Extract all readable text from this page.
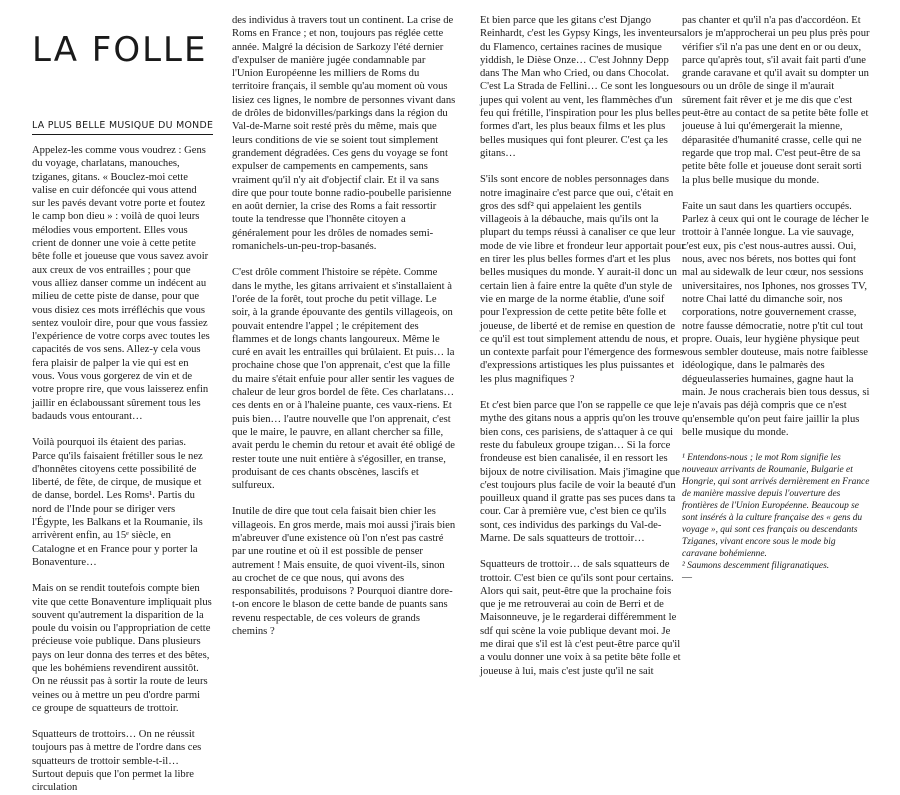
LA FOLLE
LA PLUS BELLE MUSIQUE DU MONDE

Appelez-les comme vous voudrez : Gens du voyage, charlatans, manouches, tziganes, gitans. « Bouclez-moi cette valise en cuir défoncée qui vous attend sur les pavés devant votre porte et foutez le camp bon dieu » : voilà de quoi leurs mélodies vous emportent. Elles vous crient de donner une voie à cette petite bête folle et joueuse que vous savez avoir aux creux de vos entrailles ; pour que vous alliez danser comme un indécent au milieu de cette piste de danse, pour que vous disiez ces mots irréfléchis que vous sentez vouloir dire, pour que vous fassiez l'expérience de votre corps avec toutes les capacités de vos sens. Allez-y cela vous fera plaisir de palper la vie qui est en vous. Vous vous gorgerez de vin et de votre propre rire, que vous laisserez enfin jaillir en éclaboussant sûrement tous les badauds vous entourant…

Voilà pourquoi ils étaient des parias. Parce qu'ils faisaient frétiller sous le nez d'honnêtes citoyens cette possibilité de liberté, de fête, de cirque, de musique et de danse, bordel. Les Roms¹. Partis du nord de l'Inde pour se diriger vers l'Égypte, les Balkans et la Roumanie, ils arrivèrent enfin, au 15ᵉ siècle, en Catalogne et en France pour y porter la Bonaventure…

Mais on se rendit toutefois compte bien vite que cette Bonaventure impliquait plus souvent qu'autrement la disparition de la poule du voisin ou l'appropriation de cette précieuse voie publique. Dans plusieurs pays on leur donna des terres et des bêtes, que les bohémiens revendirent aussitôt. On ne réussit pas à sortir la route de leurs veines ou à mettre un peu d'ordre parmi ce groupe de squatteurs de trottoir.

Squatteurs de trottoirs… On ne réussit toujours pas à mettre de l'ordre dans ces squatteurs de trottoir semble-t-il… Surtout depuis que l'on permet la libre circulation

des individus à travers tout un continent. La crise de Roms en France ; et non, toujours pas réglée cette année. Malgré la décision de Sarkozy l'été dernier d'expulser de manière jugée condamnable par l'Union Européenne les milliers de Roms du territoire français, il semble qu'au moment où vous lisiez ces lignes, le nombre de personnes vivant dans de drôles de bidonvilles/parkings dans la région du Val-de-Marne soit resté près du même, mais que leurs conditions de vie se soient tout simplement grandement dégradées. Ces gens du voyage se font expulser de campements en campements, sans vraiment qu'il n'y ait d'objectif clair. Et il va sans dire que pour toute bonne radio-poubelle parisienne en août dernier, la crise des Roms a fait ressortir toute la tendresse que l'honnête citoyen a généralement pour les drôles de nomades semi-romanichels-un-peu-trop-basanés.

C'est drôle comment l'histoire se répète. Comme dans le mythe, les gitans arrivaient et s'installaient à l'orée de la forêt, tout proche du petit village. Le soir, à la grande épouvante des gentils villageois, on pouvait entendre l'appel ; le crépitement des flammes et de longs chants langoureux. Même le curé en avait les entrailles qui brûlaient. Et puis… la prochaine chose que l'on apprenait, c'est que la fille du maire s'était enfuie pour aller sentir les vagues de chaleur de leur gros bordel de fête. Ces charlatans… ces dents en or à l'haleine puante, ces vaux-riens. Et puis bien… l'autre nouvelle que l'on apprenait, c'est que le maire, le pauvre, en allant chercher sa fille, avait perdu le chemin du retour et avait été obligé de rester toute une nuit entière à s'égosiller, en transe, produisant de ces chants obscènes, lascifs et sulfureux.

Inutile de dire que tout cela faisait bien chier les villageois. En gros merde, mais moi aussi j'irais bien m'abreuver d'une existence où l'on n'est pas castré par une routine et où il est possible de penser autrement ! Mais ensuite, de quoi vivent-ils, sinon au crochet de ce que nous, qui avons des responsabilités, produisons ? Pourquoi diantre dore-t-on encore le blason de cette bande de puants sans revenu respectable, de ces voleurs de grands chemins ?

Et bien parce que les gitans c'est Django Reinhardt, c'est les Gypsy Kings, les inventeurs du Flamenco, certaines racines de musique yiddish, le Dièse Onze… C'est Johnny Depp dans The Man who Cried, ou dans Chocolat. C'est La Strada de Fellini… Ce sont les longues jupes qui volent au vent, les flammèches d'un feu qui frétille, l'inspiration pour les plus belles formes d'art, les plus beaux films et les plus belles musiques qui font pleurer. C'est ça les gitans…

S'ils sont encore de nobles personnages dans notre imaginaire c'est parce que oui, c'était en gros des sdf² qui appelaient les gentils villageois à la débauche, mais qu'ils ont la plupart du temps réussi à canaliser ce que leur mode de vie libre et frondeur leur apportait pour en tirer les plus belles formes d'art et les plus belles musiques du monde. Y aurait-il donc un certain lien à faire entre la quête d'un style de vie en marge de la norme établie, d'une soif pour l'expression de cette petite bête folle et joueuse, de liberté et de remise en question de ce qu'il est tout simplement attendu de nous, et un contexte parfait pour l'émergence des formes d'expressions artistiques les plus puissantes et les plus magnifiques ?

Et c'est bien parce que l'on se rappelle ce que le mythe des gitans nous a appris qu'on les trouve bien cons, ces parisiens, de s'attaquer à ce qui reste du fabuleux groupe tzigan… Si la force frondeuse est bien canalisée, il en ressort les bijoux de notre civilisation. Mais j'imagine que c'est toujours plus facile de voir la beauté d'un pouilleux quand il gratte pas ses puces dans ta cour. Car à première vue, c'est bien ce qu'ils sont, ces individus des parkings du Val-de-Marne. De sals squatteurs de trottoir…

Squatteurs de trottoir… de sals squatteurs de trottoir. C'est bien ce qu'ils sont pour certains. Alors qui sait, peut-être que la prochaine fois que je me retrouverai au coin de Berri et de Maisonneuve, je le regarderai différemment le sdf qui scène la voie publique devant moi. Je me dirai que s'il est là c'est peut-être parce qu'il a voulu donner une voix à sa petite bête folle et joueuse à lui, mais c'est juste qu'il ne sait

pas chanter et qu'il n'a pas d'accordéon. Et alors je m'approcherai un peu plus près pour vérifier s'il n'a pas une dent en or ou deux, parce qu'après tout, s'il avait fait parti d'une grande caravane et qu'il avait su dompter un ours ou un drôle de singe il m'aurait sûrement fait rêver et je me dis que c'est peut-être au contact de sa petite bête folle et joueuse à lui qu'émergerait la mienne, déparasitée d'humanité crasse, celle qui ne regarde que trop mal. C'est peut-être de sa petite bête folle et joueuse dont serait sorti la plus belle musique du monde.

Faite un saut dans les quartiers occupés. Parlez à ceux qui ont le courage de lécher le trottoir à l'année longue. La vie sauvage, c'est eux, pis c'est nous-autres aussi. Oui, nous, avec nos bérets, nos bottes qui font mal au sidewalk de leur cœur, nos sessions universitaires, nos Iphones, nos grosses TV, notre Chai latté du dimanche soir, nos corporations, notre gouvernement crasse, notre fausse démocratie, notre p'tit cul tout propre. Ouais, leur hygiène physique peut vous sembler douteuse, mais notre faiblesse idéologique, dans le palmarès des dégueulasseries humaines, gagne haut la main. Je nous cracherais bien tous dessus, si je n'avais pas déjà compris que ce n'est qu'ensemble qu'on peut faire jaillir la plus belle musique du monde.

¹ Entendons-nous ; le mot Rom signifie les nouveaux arrivants de Roumanie, Bulgarie et Hongrie, qui sont arrivés dernièrement en France de manière massive depuis l'ouverture des frontières de l'Union Européenne. Beaucoup se sont insérés à la culture française des « gens du voyage », qui sont ces français ou descendants Tziganes, vivant encore sous le mode big caravane bohémienne.

² Saumons descemment filigranatiques.

—
